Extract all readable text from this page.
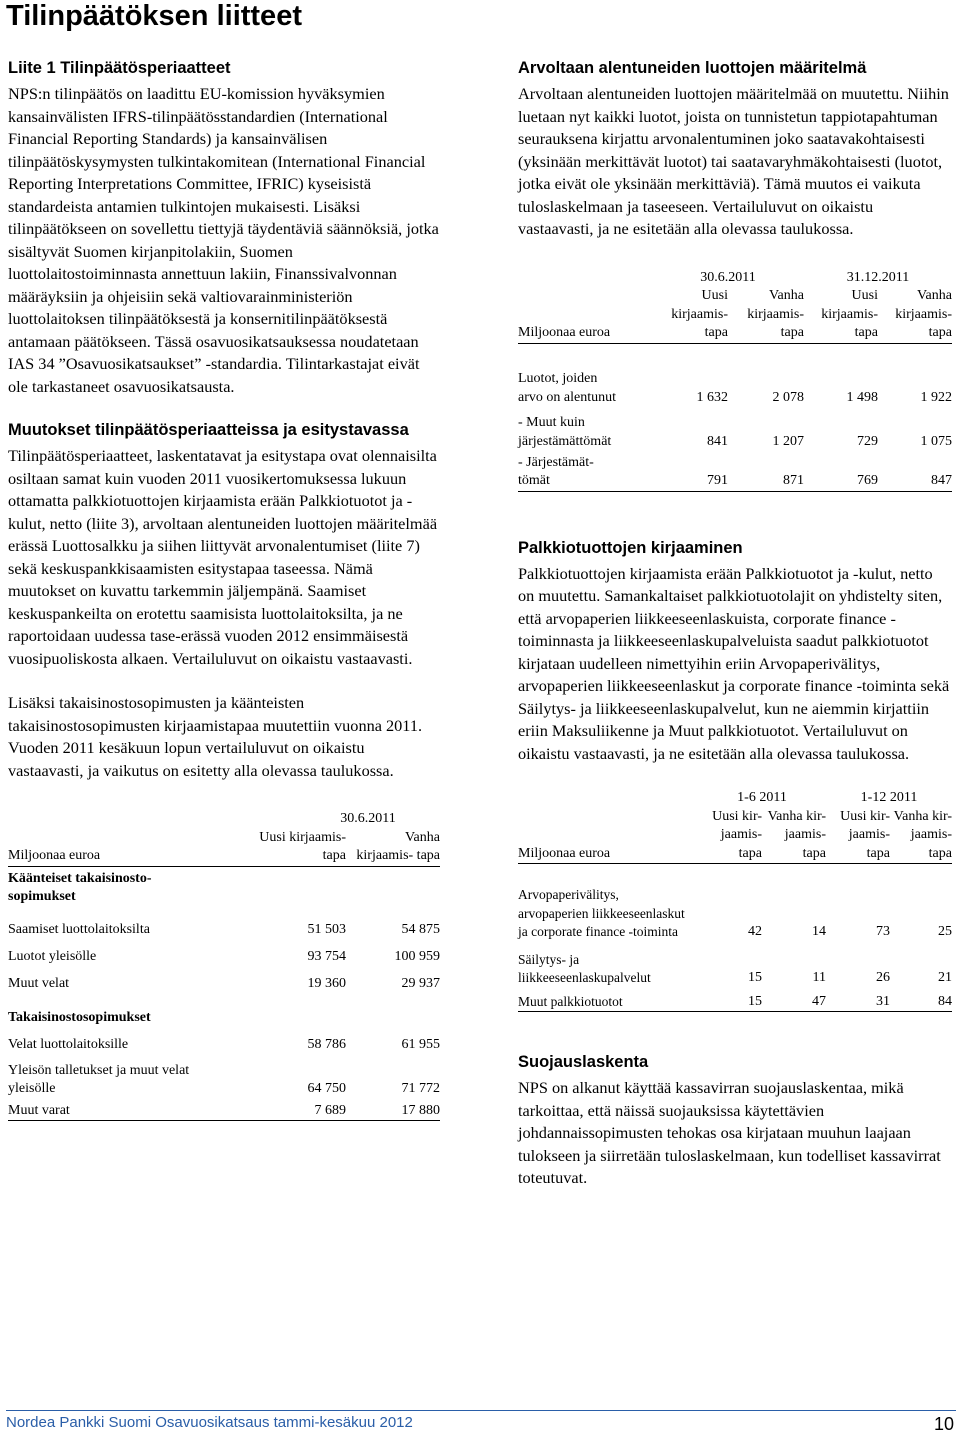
Tilinpäätöksen liitteet
Liite 1 Tilinpäätösperiaatteet

NPS:n tilinpäätös on laadittu EU-komission hyväksymien kansainvälisten IFRS-tilinpäätösstandardien (International Financial Reporting Standards) ja kansainvälisen tilinpäätöskysymysten tulkintakomitean (International Financial Reporting Interpretations Committee, IFRIC) kyseisistä standardeista antamien tulkintojen mukaisesti. Lisäksi tilinpäätökseen on sovellettu tiettyjä täydentäviä säännöksiä, jotka sisältyvät Suomen kirjanpitolakiin, Suomen luottolaitostoiminnasta annettuun lakiin, Finanssivalvonnan määräyksiin ja ohjeisiin sekä valtiovarainministeriön luottolaitoksen tilinpäätöksestä ja konsernitilinpäätöksestä antamaan päätökseen. Tässä osavuosikatsauksessa noudatetaan IAS 34 ”Osavuosikatsaukset” -standardia. Tilintarkastajat eivät ole tarkastaneet osavuosikatsausta.

Muutokset tilinpäätösperiaatteissa ja esitystavassa

Tilinpäätösperiaatteet, laskentatavat ja esitystapa ovat olennaisilta osiltaan samat kuin vuoden 2011 vuosikertomuksessa lukuun ottamatta palkkiotuottojen kirjaamista erään Palkkiotuotot ja -kulut, netto (liite 3), arvoltaan alentuneiden luottojen määritelmää erässä Luottosalkku ja siihen liittyvät arvonalentumiset (liite 7) sekä keskuspankkisaamisten esitystapaa taseessa. Nämä muutokset on kuvattu tarkemmin jäljempänä. Saamiset keskuspankeilta on erotettu saamisista luottolaitoksilta, ja ne raportoidaan uudessa tase-erässä vuoden 2012 ensimmäisestä vuosipuoliskosta alkaen. Vertailuluvut on oikaistu vastaavasti.

Lisäksi takaisinostosopimusten ja käänteisten takaisinostosopimusten kirjaamistapaa muutettiin vuonna 2011. Vuoden 2011 kesäkuun lopun vertailuluvut on oikaistu vastaavasti, ja vaikutus on esitetty alla olevassa taulukossa.

	30.6.2011	
Miljoonaa euroa	Uusi kirjaamis- tapa	Vanha kirjaamis- tapa
Käänteiset takaisinosto- sopimukset		
Saamiset luottolaitoksilta	51 503	54 875
Luotot yleisölle	93 754	100 959
Muut velat	19 360	29 937
Takaisinostosopimukset		
Velat luottolaitoksille	58 786	61 955
Yleisön talletukset ja muut velat yleisölle	64 750	71 772
Muut varat	7 689	17 880
Arvoltaan alentuneiden luottojen määritelmä

Arvoltaan alentuneiden luottojen määritelmää on muutettu. Niihin luetaan nyt kaikki luotot, joista on tunnistetun tappiotapahtuman seurauksena kirjattu arvonalentuminen joko saatavakohtaisesti (yksinään merkittävät luotot) tai saatavaryhmäkohtaisesti (luotot, jotka eivät ole yksinään merkittäviä). Tämä muutos ei vaikuta tuloslaskelmaan ja taseeseen. Vertailuluvut on oikaistu vastaavasti, ja ne esitetään alla olevassa taulukossa.

	30.6.2011		31.12.2011	
Miljoonaa euroa	Uusi kirjaamis- tapa	Vanha kirjaamis- tapa	Uusi kirjaamis- tapa	Vanha kirjaamis- tapa
Luotot, joiden arvo on alentunut	1 632	2 078	1 498	1 922
- Muut kuin järjestämättömät	841	1 207	729	1 075
- Järjestämät- tömät	791	871	769	847
Palkkiotuottojen kirjaaminen

Palkkiotuottojen kirjaamista erään Palkkiotuotot ja -kulut, netto on muutettu. Samankaltaiset palkkiotuotolajit on yhdistelty siten, että arvopaperien liikkeeseenlaskuista, corporate finance -toiminnasta ja liikkeeseenlaskupalveluista saadut palkkiotuotot kirjataan uudelleen nimettyihin eriin Arvopaperivälitys, arvopaperien liikkeeseenlaskut ja corporate finance -toiminta sekä Säilytys- ja liikkeeseenlaskupalvelut, kun ne aiemmin kirjattiin eriin Maksuliikenne ja Muut palkkiotuotot. Vertailuluvut on oikaistu vastaavasti, ja ne esitetään alla olevassa taulukossa.

	1-6 2011		1-12 2011	
Miljoonaa euroa	Uusi kir- jaamis- tapa	Vanha kir- jaamis- tapa	Uusi kir- jaamis- tapa	Vanha kir- jaamis- tapa
Arvopaperivälitys, arvopaperien liikkeeseenlaskut ja corporate finance -toiminta	42	14	73	25
Säilytys- ja liikkeeseenlaskupalvelut	15	11	26	21
Muut palkkiotuotot	15	47	31	84
Suojauslaskenta

NPS on alkanut käyttää kassavirran suojauslaskentaa, mikä tarkoittaa, että näissä suojauksissa käytettävien johdannaissopimusten tehokas osa kirjataan muuhun laajaan tulokseen ja siirretään tuloslaskelmaan, kun todelliset kassavirrat toteutuvat.

Nordea Pankki Suomi Osavuosikatsaus tammi-kesäkuu 2012	10
